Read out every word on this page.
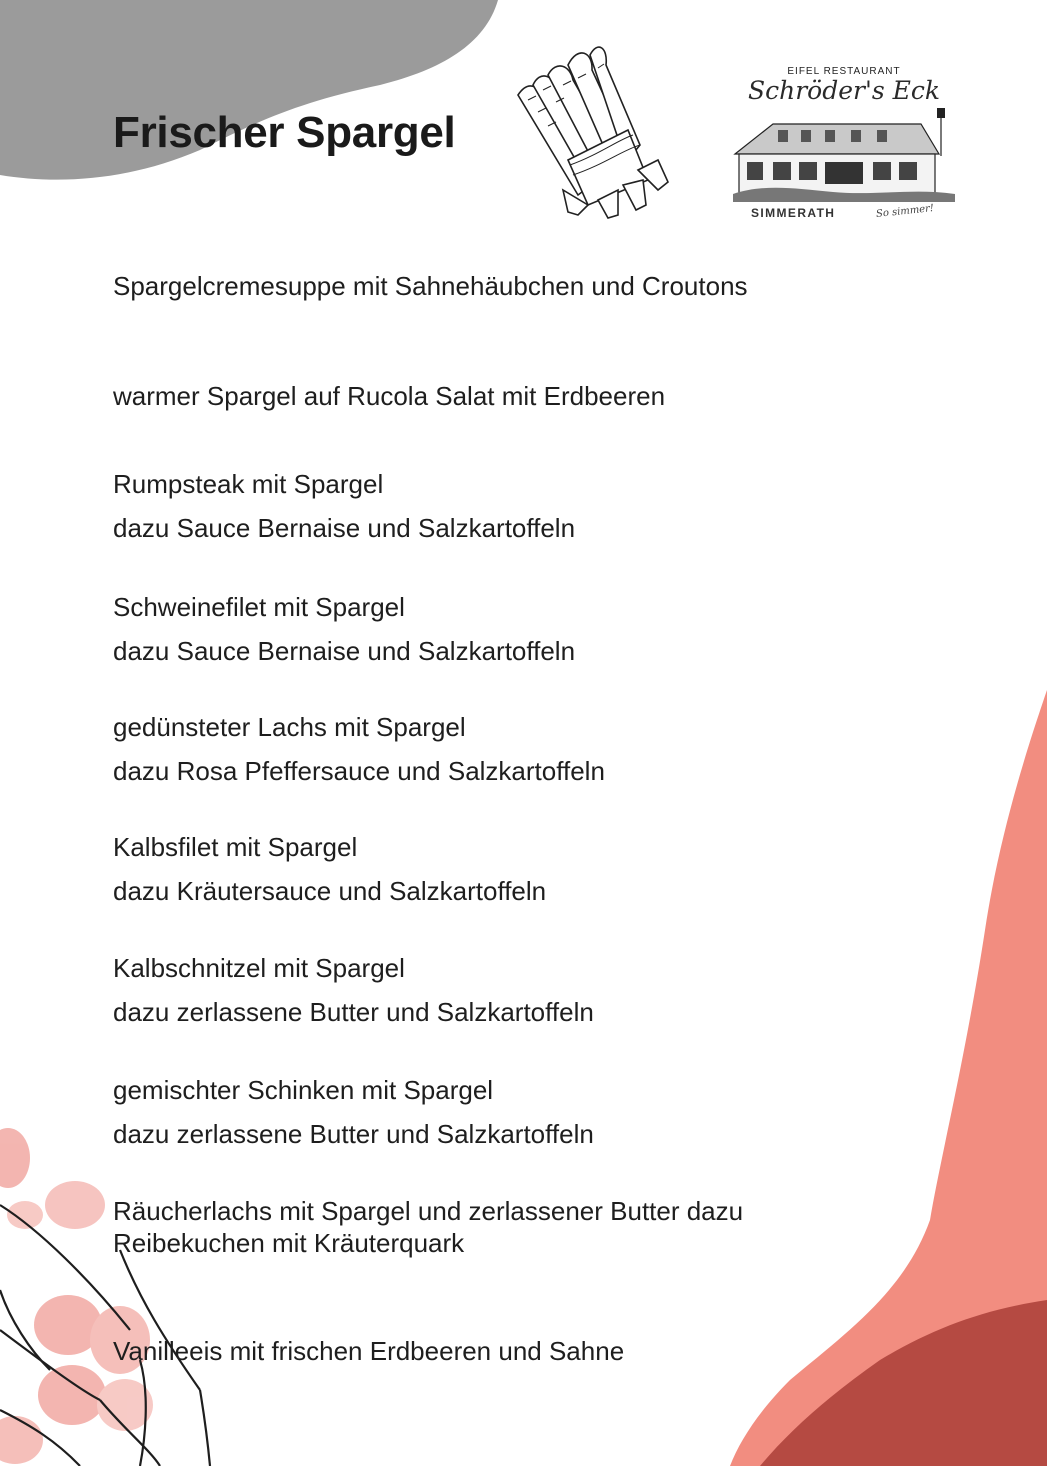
Frischer Spargel
EIFEL RESTAURANT
Schröder's Eck
SIMMERATH	So simmer!

Spargelcremesuppe mit Sahnehäubchen und Croutons

warmer Spargel auf Rucola Salat mit Erdbeeren

Rumpsteak mit Spargel

dazu Sauce Bernaise und Salzkartoffeln

Schweinefilet mit Spargel

dazu Sauce Bernaise und Salzkartoffeln

gedünsteter Lachs mit Spargel

dazu Rosa Pfeffersauce und Salzkartoffeln

Kalbsfilet mit Spargel

dazu Kräutersauce und Salzkartoffeln

Kalbschnitzel mit Spargel

dazu zerlassene Butter und Salzkartoffeln

gemischter Schinken mit Spargel

dazu zerlassene Butter und Salzkartoffeln

Räucherlachs mit Spargel und zerlassener Butter dazu Reibekuchen mit Kräuterquark

Vanilleeis mit frischen Erdbeeren und Sahne
